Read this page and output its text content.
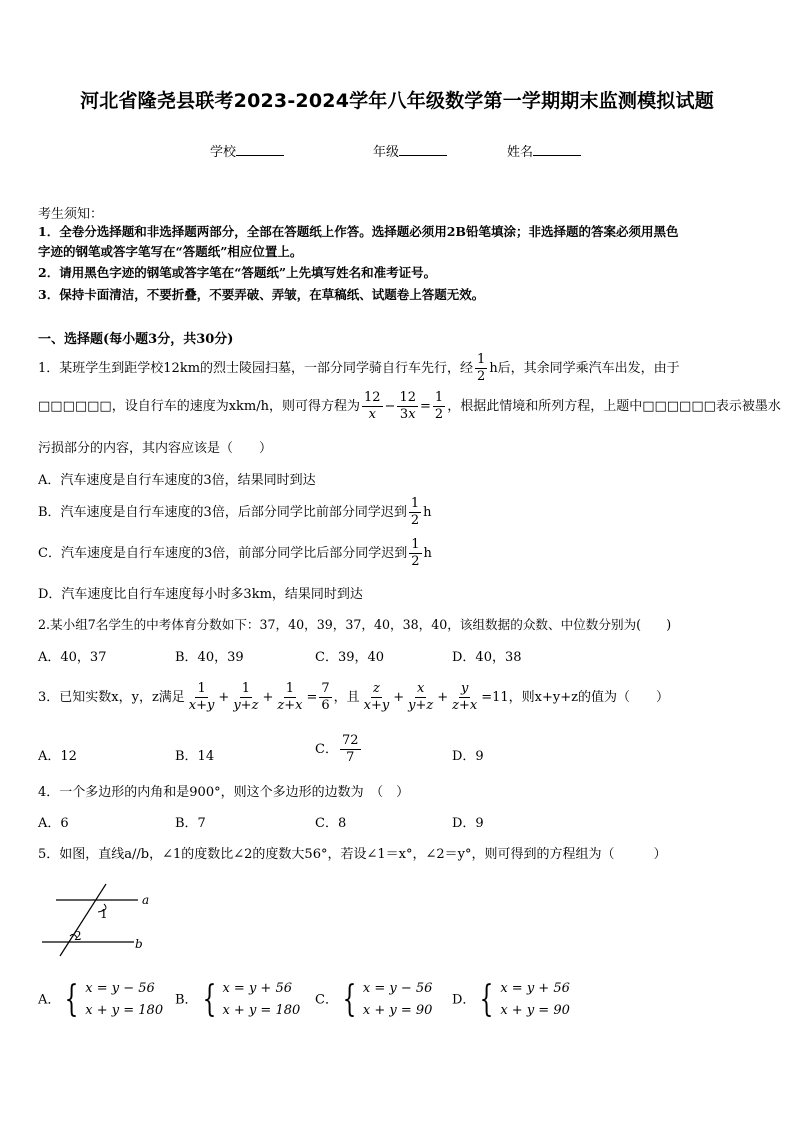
河北省隆尧县联考2023-2024学年八年级数学第一学期期末监测模拟试题
学校	年级	姓名
考生须知：
1．全卷分选择题和非选择题两部分，全部在答题纸上作答。选择题必须用2B铅笔填涂；非选择题的答案必须用黑色
字迹的钢笔或答字笔写在“答题纸”相应位置上。
2．请用黑色字迹的钢笔或答字笔在“答题纸”上先填写姓名和准考证号。
3．保持卡面清洁，不要折叠，不要弄破、弄皱，在草稿纸、试题卷上答题无效。
一、选择题(每小题3分，共30分)
1．某班学生到距学校12km的烈士陵园扫墓，一部分同学骑自行车先行，经 $\frac{1}{2}$ h后，其余同学乘汽车出发，由于
□□□□□□，设自行车的速度为xkm/h，则可得方程为 $\frac{12}{x} - \frac{12}{3x} = \frac{1}{2}$ ，根据此情境和所列方程，上题中□□□□□□表示被墨水
污损部分的内容，其内容应该是（　　）
A．汽车速度是自行车速度的3倍，结果同时到达
B．汽车速度是自行车速度的3倍，后部分同学比前部分同学迟到 $\frac{1}{2}$ h
C．汽车速度是自行车速度的3倍，前部分同学比后部分同学迟到 $\frac{1}{2}$ h
D．汽车速度比自行车速度每小时多3km，结果同时到达
2.某小组7名学生的中考体育分数如下：37，40，39，37，40，38，40，该组数据的众数、中位数分别为(　　)
A．40，37	B．40，39	C．39，40	D．40，38
3．已知实数x，y，z满足 $\frac{1}{x+y} + \frac{1}{y+z} + \frac{1}{z+x} = \frac{7}{6}$ ，且 $\frac{z}{x+y} + \frac{x}{y+z} + \frac{y}{z+x} =11$，则x+y+z的值为（　　）
A．12	B．14	C． $\frac{72}{7}$	D．9
4．一个多边形的内角和是900°，则这个多边形的边数为　（　）
A．6	B．7	C．8	D．9
5．如图，直线a//b，∠1的度数比∠2的度数大56°，若设∠1＝x°，∠2＝y°，则可得到的方程组为（　　　）
a
b
1
2
A． { x = y − 56
x + y = 180
B． { x = y + 56
x + y = 180
C． { x = y − 56
x + y = 90
D． { x = y + 56
x + y = 90
